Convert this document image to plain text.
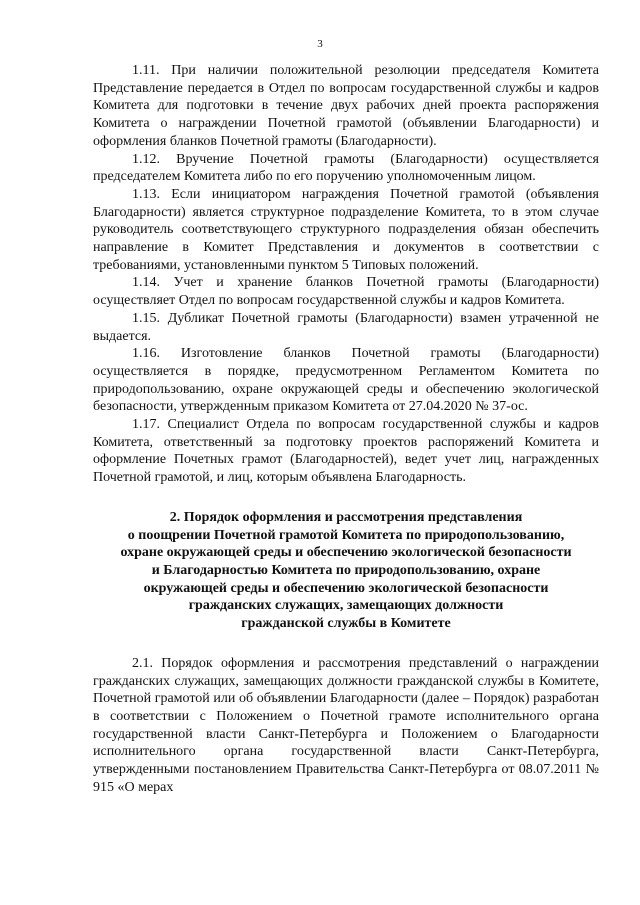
3

1.11. При наличии положительной резолюции председателя Комитета Представление передается в Отдел по вопросам государственной службы и кадров Комитета для подготовки в течение двух рабочих дней проекта распоряжения Комитета о награждении Почетной грамотой (объявлении Благодарности) и оформления бланков Почетной грамоты (Благодарности).

1.12. Вручение Почетной грамоты (Благодарности) осуществляется председателем Комитета либо по его поручению уполномоченным лицом.

1.13. Если инициатором награждения Почетной грамотой (объявления Благодарности) является структурное подразделение Комитета, то в этом случае руководитель соответствующего структурного подразделения обязан обеспечить направление в Комитет Представления и документов в соответствии с требованиями, установленными пунктом 5 Типовых положений.

1.14. Учет и хранение бланков Почетной грамоты (Благодарности) осуществляет Отдел по вопросам государственной службы и кадров Комитета.

1.15. Дубликат Почетной грамоты (Благодарности) взамен утраченной не выдается.

1.16. Изготовление бланков Почетной грамоты (Благодарности) осуществляется в порядке, предусмотренном Регламентом Комитета по природопользованию, охране окружающей среды и обеспечению экологической безопасности, утвержденным приказом Комитета от 27.04.2020 № 37-ос.

1.17. Специалист Отдела по вопросам государственной службы и кадров Комитета, ответственный за подготовку проектов распоряжений Комитета и оформление Почетных грамот (Благодарностей), ведет учет лиц, награжденных Почетной грамотой, и лиц, которым объявлена Благодарность.

2. Порядок оформления и рассмотрения представления
о поощрении Почетной грамотой Комитета по природопользованию,
охране окружающей среды и обеспечению экологической безопасности
и Благодарностью Комитета по природопользованию, охране
окружающей среды и обеспечению экологической безопасности
гражданских служащих, замещающих должности
гражданской службы в Комитете

2.1. Порядок оформления и рассмотрения представлений о награждении гражданских служащих, замещающих должности гражданской службы в Комитете, Почетной грамотой или об объявлении Благодарности (далее – Порядок) разработан в соответствии с Положением о Почетной грамоте исполнительного органа государственной власти Санкт-Петербурга и Положением о Благодарности исполнительного органа государственной власти Санкт-Петербурга, утвержденными постановлением Правительства Санкт-Петербурга от 08.07.2011 № 915 «О мерах
